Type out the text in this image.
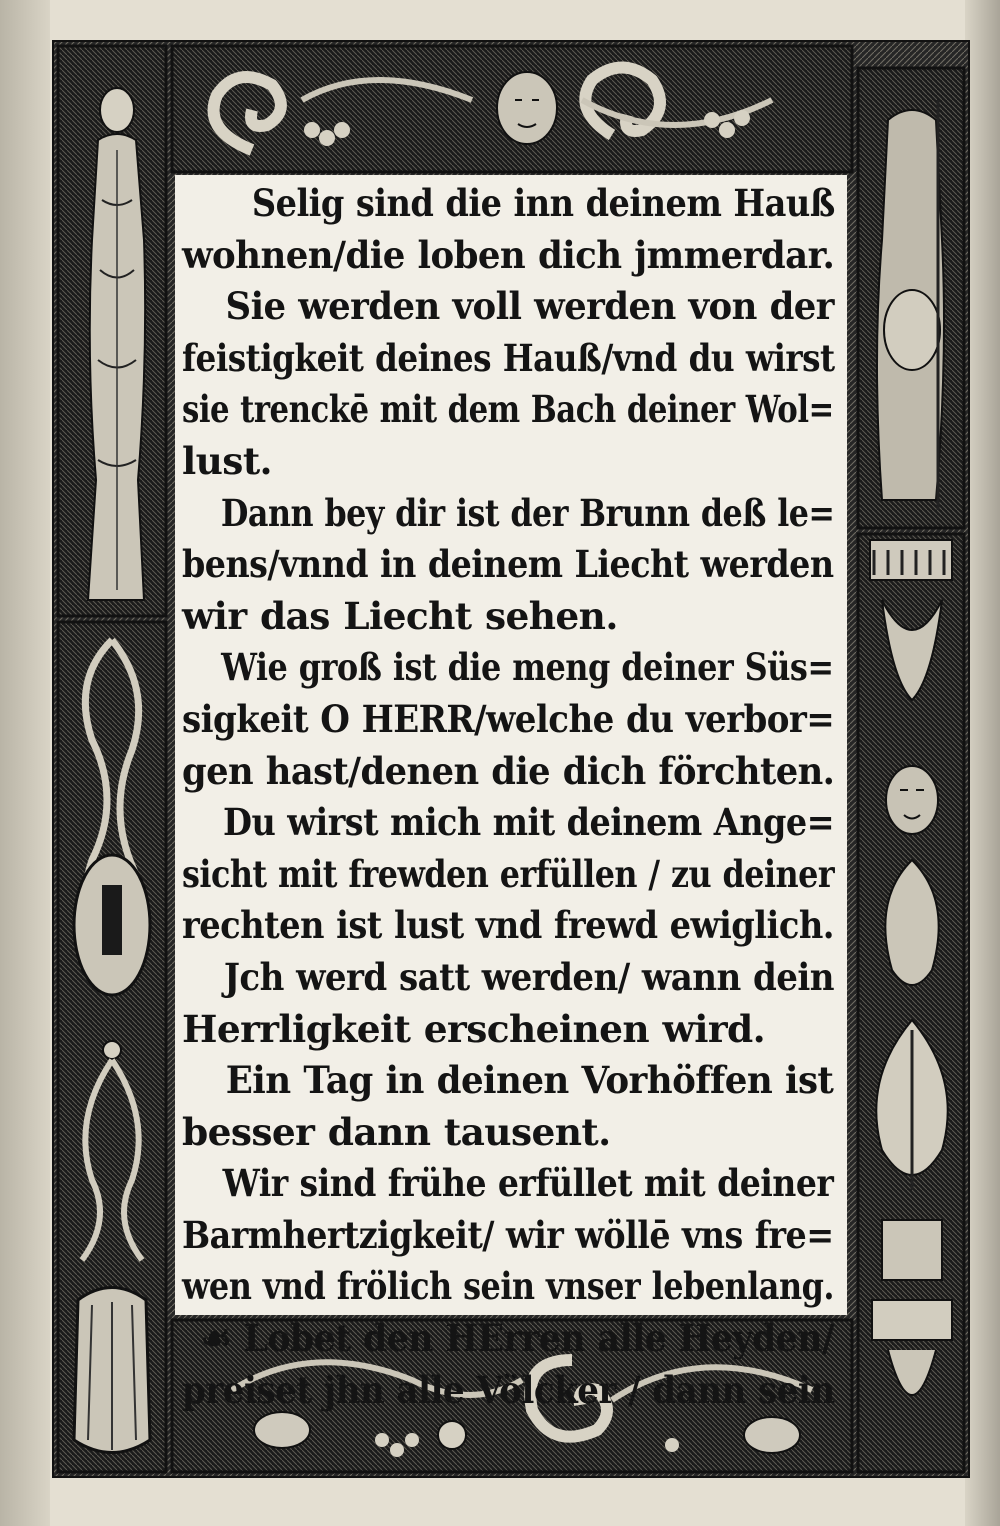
Selig sind die inn deinem Hauß
wohnen/die loben dich jmmerdar.
Sie werden voll werden von der
feistigkeit deines Hauß/vnd du wirst
sie trenckē mit dem Bach deiner Wol=
lust.
Dann bey dir ist der Brunn deß le=
bens/vnnd in deinem Liecht werden
wir das Liecht sehen.
Wie groß ist die meng deiner Süs=
sigkeit O HERR/welche du verbor=
gen hast/denen die dich förchten.
Du wirst mich mit deinem Ange=
sicht mit frewden erfüllen / zu deiner
rechten ist lust vnd frewd ewiglich.
Jch werd satt werden/ wann dein
Herrligkeit erscheinen wird.
Ein Tag in deinen Vorhöffen ist
besser dann tausent.
Wir sind frühe erfüllet mit deiner
Barmhertzigkeit/ wir wöllē vns fre=
wen vnd frölich sein vnser lebenlang.
☙ Lobet den HErren alle Heyden/
preiset jhn alle Völcker / dann sein
